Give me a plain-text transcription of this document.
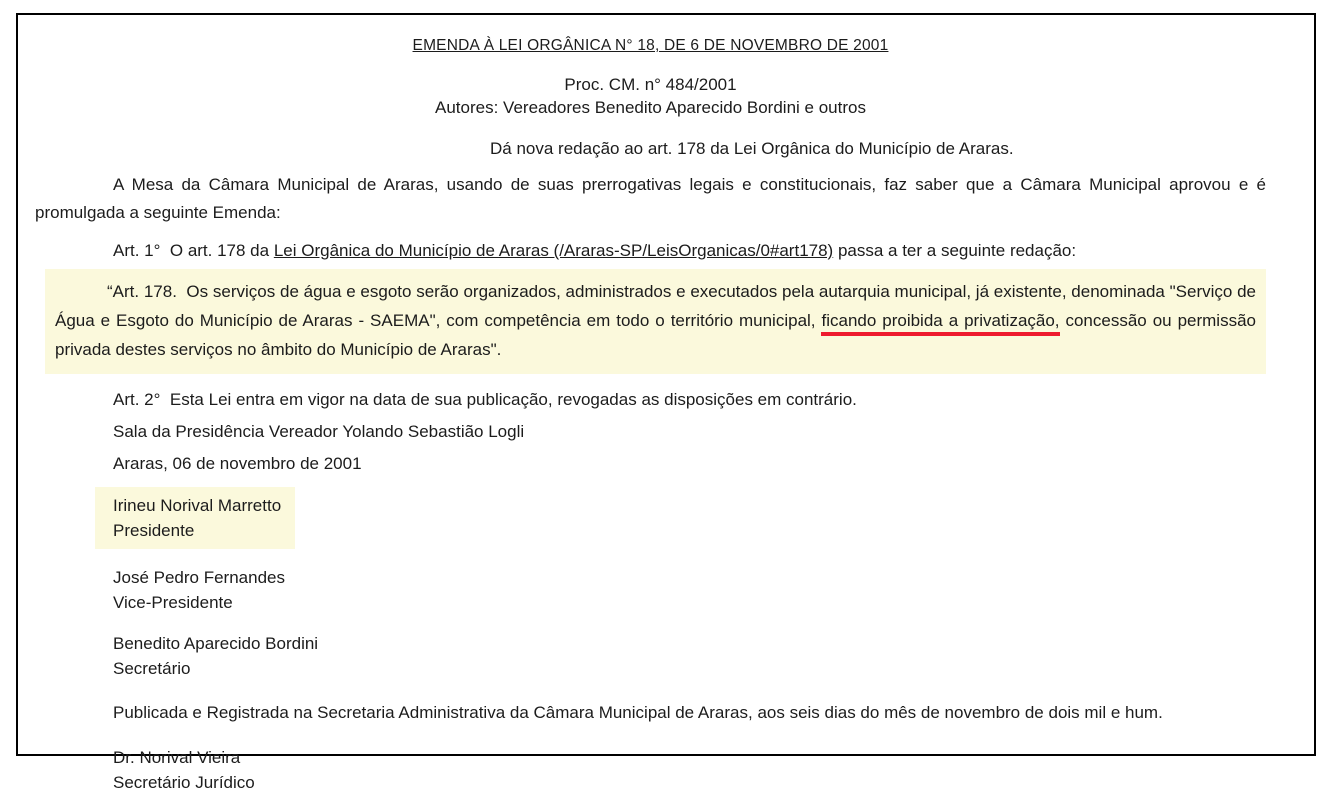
EMENDA À LEI ORGÂNICA N° 18, DE 6 DE NOVEMBRO DE 2001

Proc. CM. n° 484/2001

Autores: Vereadores Benedito Aparecido Bordini e outros

Dá nova redação ao art. 178 da Lei Orgânica do Município de Araras.

A Mesa da Câmara Municipal de Araras, usando de suas prerrogativas legais e constitucionais, faz saber que a Câmara Municipal aprovou e é promulgada a seguinte Emenda:

Art. 1°  O art. 178 da Lei Orgânica do Município de Araras (/Araras-SP/LeisOrganicas/0#art178) passa a ter a seguinte redação:

“Art. 178.  Os serviços de água e esgoto serão organizados, administrados e executados pela autarquia municipal, já existente, denominada "Serviço de Água e Esgoto do Município de Araras - SAEMA", com competência em todo o território municipal, ficando proibida a privatização, concessão ou permissão privada destes serviços no âmbito do Município de Araras".

Art. 2°  Esta Lei entra em vigor na data de sua publicação, revogadas as disposições em contrário.

Sala da Presidência Vereador Yolando Sebastião Logli

Araras, 06 de novembro de 2001

Irineu Norival Marretto
Presidente
José Pedro Fernandes
Vice-Presidente
Benedito Aparecido Bordini
Secretário

Publicada e Registrada na Secretaria Administrativa da Câmara Municipal de Araras, aos seis dias do mês de novembro de dois mil e hum.

Dr. Norival Vieira
Secretário Jurídico
